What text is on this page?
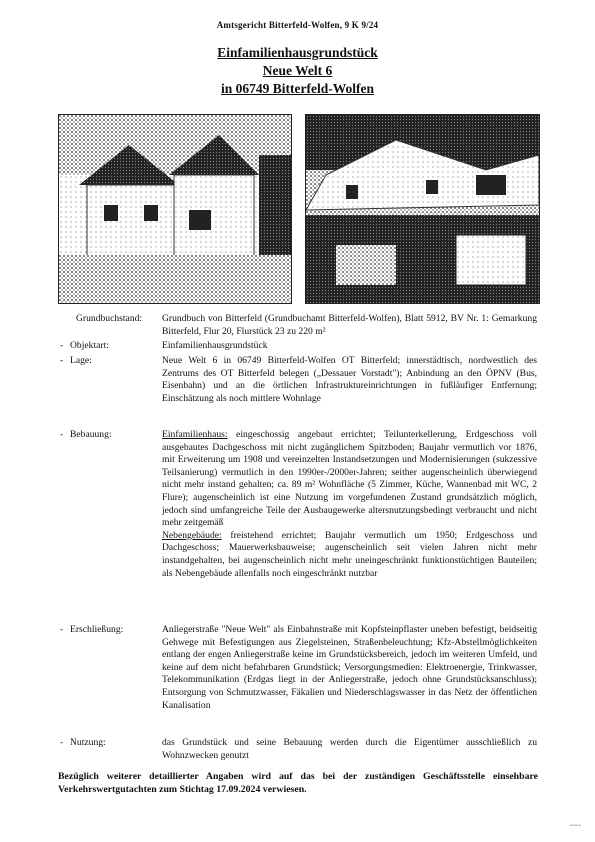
Amtsgericht Bitterfeld-Wolfen, 9 K 9/24
Einfamilienhausgrundstück
Neue Welt 6
in 06749 Bitterfeld-Wolfen
Grundbuchstand:	Grundbuch von Bitterfeld (Grundbuchamt Bitterfeld-Wolfen), Blatt 5912, BV Nr. 1: Gemarkung Bitterfeld, Flur 20, Flurstück 23 zu 220 m²
- Objektart:	Einfamilienhausgrundstück
- Lage:	Neue Welt 6 in 06749 Bitterfeld-Wolfen OT Bitterfeld; innerstädtisch, nordwestlich des Zentrums des OT Bitterfeld belegen („Dessauer Vorstadt"); Anbindung an den ÖPNV (Bus, Eisenbahn) und an die örtlichen Infrastruktureinrichtungen in fußläufiger Entfernung; Einschätzung als noch mittlere Wohnlage
- Bebauung:	Einfamilienhaus: eingeschossig angebaut errichtet; Teilunterkellerung, Erdgeschoss voll ausgebautes Dachgeschoss mit nicht zugänglichem Spitzboden; Baujahr vermutlich vor 1876, mit Erweiterung um 1908 und vereinzelten Instandsetzungen und Modernisierungen (sukzessive Teilsanierung) vermutlich in den 1990er-/2000er-Jahren; seither augenscheinlich überwiegend nicht mehr instand gehalten; ca. 89 m² Wohnfläche (5 Zimmer, Küche, Wannenbad mit WC, 2 Flure); augenscheinlich ist eine Nutzung im vorgefundenen Zustand grundsätzlich möglich, jedoch sind umfangreiche Teile der Ausbaugewerke altersnutzungsbedingt verbraucht und nicht mehr zeitgemäß

Nebengebäude: freistehend errichtet; Baujahr vermutlich um 1950; Erdgeschoss und Dachgeschoss; Mauerwerksbauweise; augenscheinlich seit vielen Jahren nicht mehr instandgehalten, bei augenscheinlich nicht mehr uneingeschränkt funktionstüchtigen Bauteilen; als Nebengebäude allenfalls noch eingeschränkt nutzbar

- Erschließung:	Anliegerstraße "Neue Welt" als Einbahnstraße mit Kopfsteinpflaster uneben befestigt, beidseitig Gehwege mit Befestigungen aus Ziegelsteinen, Straßenbeleuchtung; Kfz-Abstellmöglichkeiten entlang der engen Anliegerstraße keine im Grundstücksbereich, jedoch im weiteren Umfeld, und keine auf dem nicht befahrbaren Grundstück; Versorgungsmedien: Elektroenergie, Trinkwasser, Telekommunikation (Erdgas liegt in der Anliegerstraße, jedoch ohne Grundstücksanschluss); Entsorgung von Schmutzwasser, Fäkalien und Niederschlagswasser in das Netz der öffentlichen Kanalisation
- Nutzung:	das Grundstück und seine Bebauung werden durch die Eigentümer ausschließlich zu Wohnzwecken genutzt
Bezüglich weiterer detaillierter Angaben wird auf das bei der zuständigen Geschäftsstelle einsehbare Verkehrswertgutachten zum Stichtag 17.09.2024 verwiesen.
~~~
